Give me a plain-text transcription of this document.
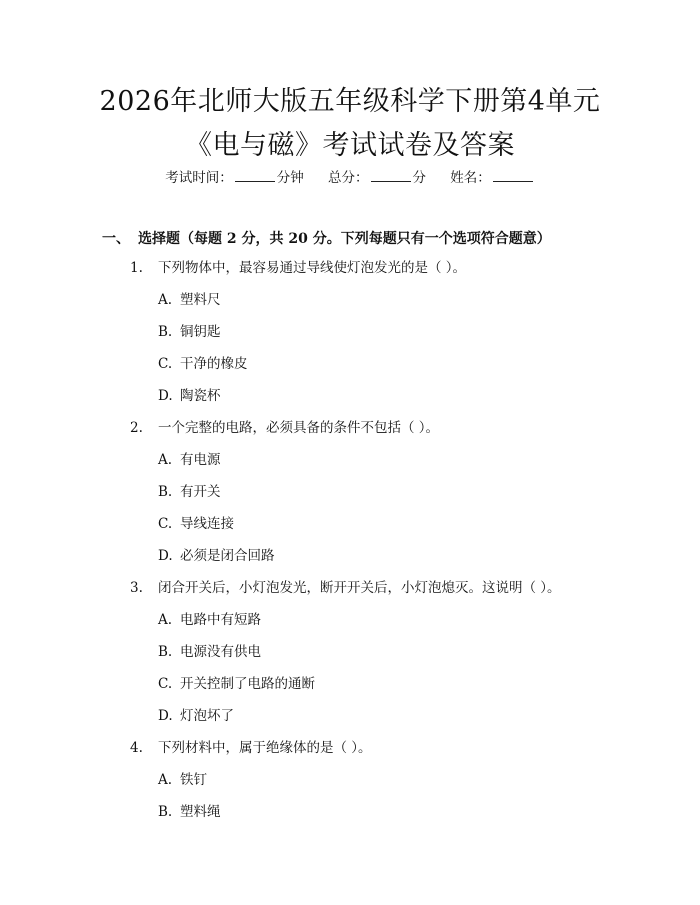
2026年北师大版五年级科学下册第4单元
《电与磁》考试试卷及答案
考试时间：	分钟 总分：	分 姓名：
一、 选择题（每题 2 分，共 20 分。下列每题只有一个选项符合题意）
1. 下列物体中，最容易通过导线使灯泡发光的是（ ）。
A. 塑料尺
B. 铜钥匙
C. 干净的橡皮
D. 陶瓷杯
2. 一个完整的电路，必须具备的条件不包括（ ）。
A. 有电源
B. 有开关
C. 导线连接
D. 必须是闭合回路
3. 闭合开关后，小灯泡发光，断开开关后，小灯泡熄灭。这说明（ ）。
A. 电路中有短路
B. 电源没有供电
C. 开关控制了电路的通断
D. 灯泡坏了
4. 下列材料中，属于绝缘体的是（ ）。
A. 铁钉
B. 塑料绳
